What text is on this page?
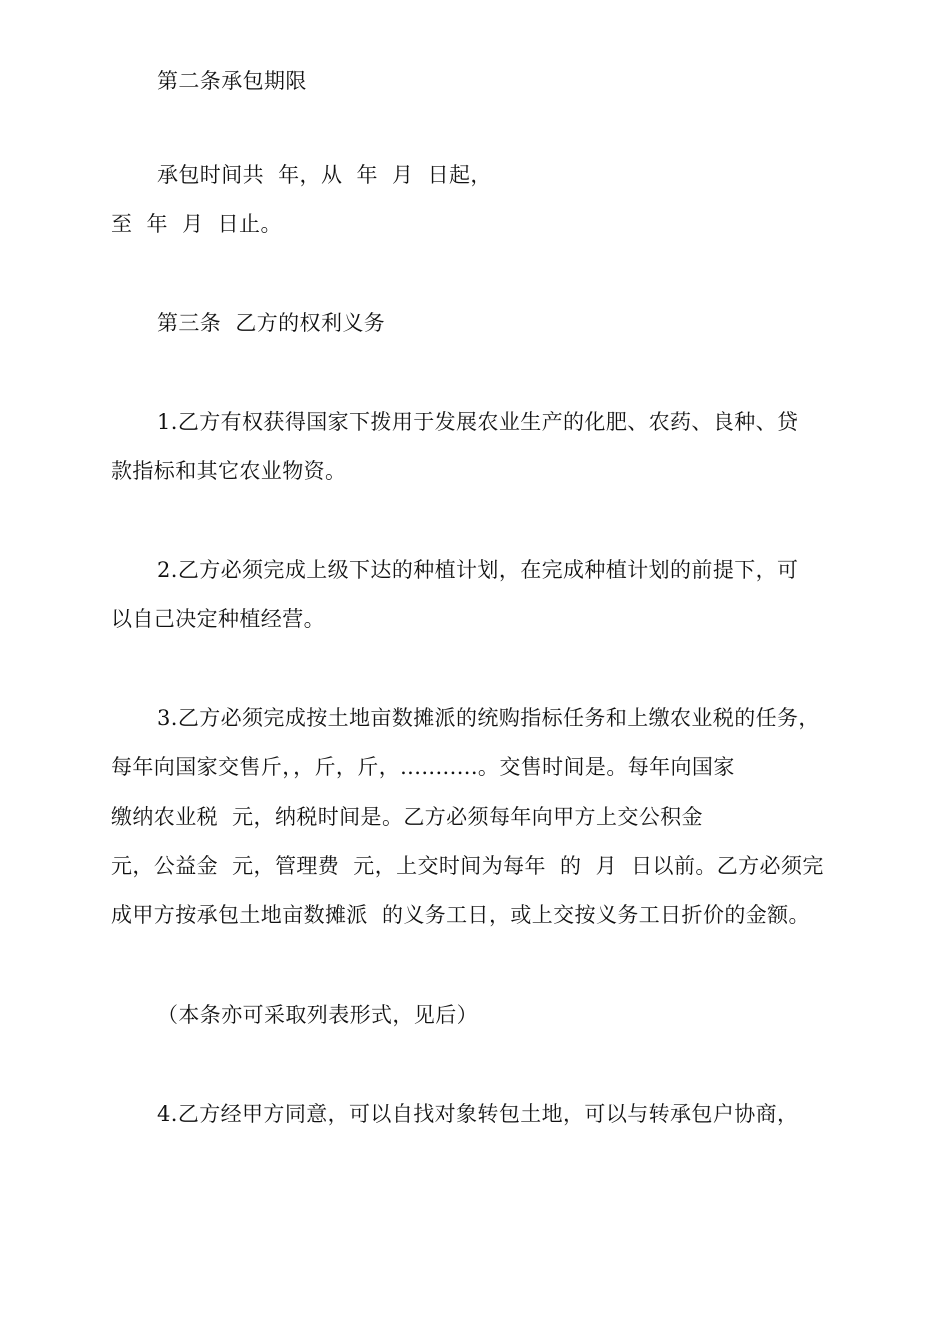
第二条承包期限
承包时间共  年，从  年  月  日起，
至  年  月  日止。
第三条  乙方的权利义务
1.乙方有权获得国家下拨用于发展农业生产的化肥、农药、良种、贷
款指标和其它农业物资。
2.乙方必须完成上级下达的种植计划，在完成种植计划的前提下，可
以自己决定种植经营。
3.乙方必须完成按土地亩数摊派的统购指标任务和上缴农业税的任务，
每年向国家交售斤，，斤，斤，...........。交售时间是。每年向国家
缴纳农业税  元，纳税时间是。乙方必须每年向甲方上交公积金
元，公益金  元，管理费  元，上交时间为每年  的  月  日以前。乙方必须完
成甲方按承包土地亩数摊派  的义务工日，或上交按义务工日折价的金额。
（本条亦可采取列表形式，见后）
4.乙方经甲方同意，可以自找对象转包土地，可以与转承包户协商，
